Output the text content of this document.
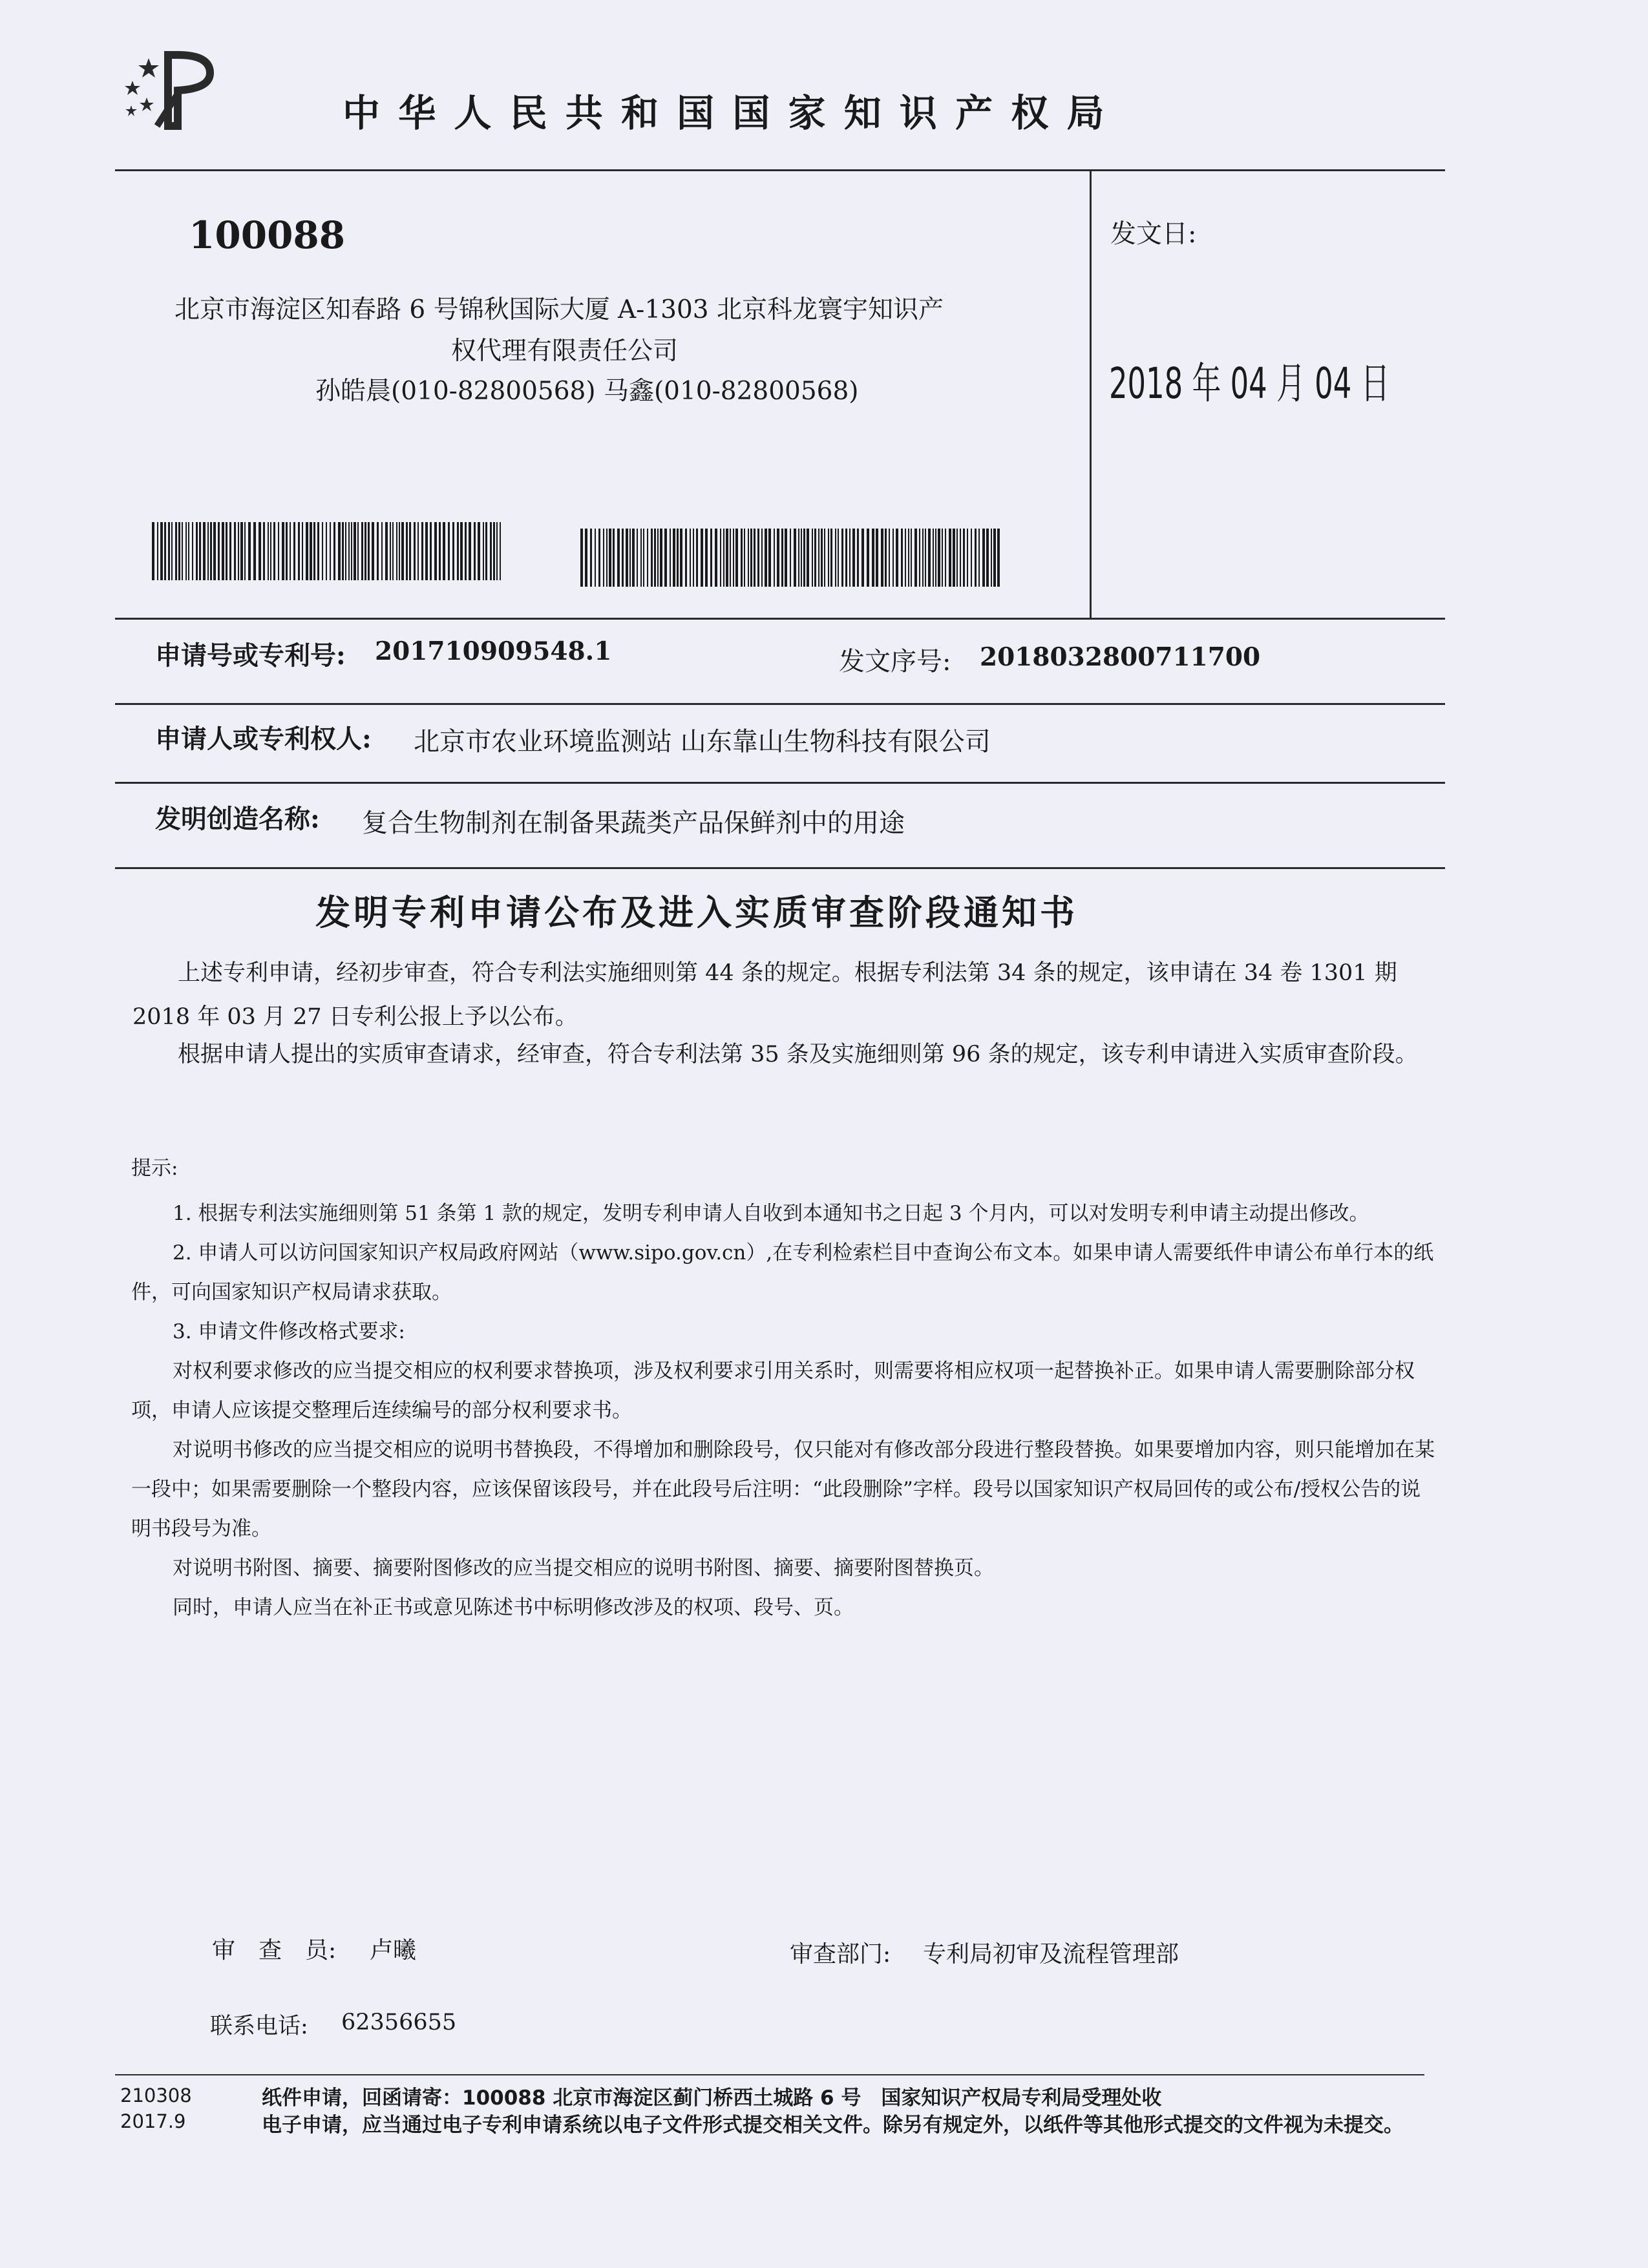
中 华 人 民 共 和 国 国 家 知 识 产 权 局
100088
北京市海淀区知春路 6 号锦秋国际大厦 A-1303 北京科龙寰宇知识产
权代理有限责任公司
孙皓晨(010-82800568) 马鑫(010-82800568)
发文日:
2018 年 04 月 04 日
申请号或专利号: 201710909548.1	发文序号: 2018032800711700
申请人或专利权人: 北京市农业环境监测站 山东靠山生物科技有限公司
发明创造名称: 复合生物制剂在制备果蔬类产品保鲜剂中的用途
发明专利申请公布及进入实质审查阶段通知书
上述专利申请，经初步审查，符合专利法实施细则第 44 条的规定。根据专利法第 34 条的规定，该申请在 34 卷 1301 期 2018 年 03 月 27 日专利公报上予以公布。
根据申请人提出的实质审查请求，经审查，符合专利法第 35 条及实施细则第 96 条的规定，该专利申请进入实质审查阶段。
提示:
1. 根据专利法实施细则第 51 条第 1 款的规定，发明专利申请人自收到本通知书之日起 3 个月内，可以对发明专利申请主动提出修改。
2. 申请人可以访问国家知识产权局政府网站（www.sipo.gov.cn）,在专利检索栏目中查询公布文本。如果申请人需要纸件申请公布单行本的纸件，可向国家知识产权局请求获取。
3. 申请文件修改格式要求:
对权利要求修改的应当提交相应的权利要求替换项，涉及权利要求引用关系时，则需要将相应权项一起替换补正。如果申请人需要删除部分权项，申请人应该提交整理后连续编号的部分权利要求书。
对说明书修改的应当提交相应的说明书替换段，不得增加和删除段号，仅只能对有修改部分段进行整段替换。如果要增加内容，则只能增加在某一段中；如果需要删除一个整段内容，应该保留该段号，并在此段号后注明：“此段删除”字样。段号以国家知识产权局回传的或公布/授权公告的说明书段号为准。
对说明书附图、摘要、摘要附图修改的应当提交相应的说明书附图、摘要、摘要附图替换页。
同时，申请人应当在补正书或意见陈述书中标明修改涉及的权项、段号、页。
审　查　员: 卢曦
联系电话: 62356655
审查部门: 专利局初审及流程管理部
210308
2017.9
纸件申请，回函请寄：100088 北京市海淀区蓟门桥西土城路 6 号　国家知识产权局专利局受理处收
电子申请，应当通过电子专利申请系统以电子文件形式提交相关文件。除另有规定外，以纸件等其他形式提交的文件视为未提交。
